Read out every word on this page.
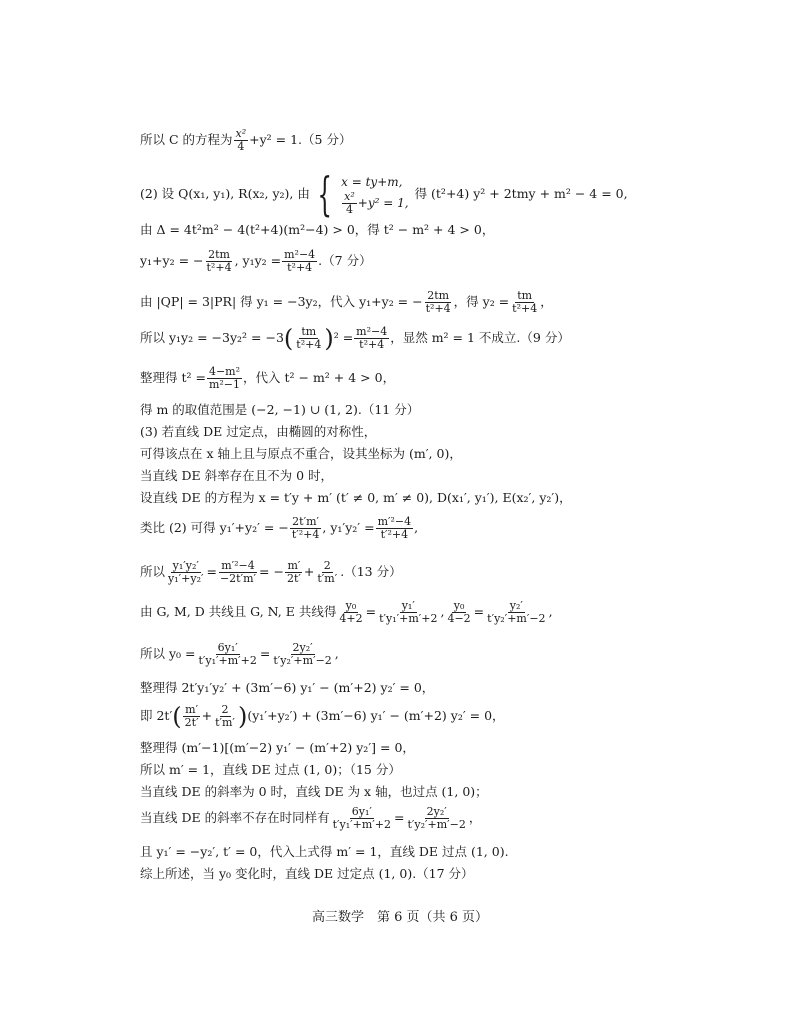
所以 C 的方程为 $\frac{\text{x²}}{4} +y^2 = 1.(5$ 分）
(2) 设 Q(x₁, y₁), R(x₂, y₂), 由 { x = ty+m,
$\frac{\text{x²}}{4} +y^2 = 1$,
得 (t²+4) y² + 2tmy + m² − 4 = 0,
由 Δ = 4t²m² − 4(t²+4)(m²−4) > 0，得 t² − m² + 4 > 0，
y₁+y₂ = − $\frac{2tm}{\text{t²+4}}$ , $y_1y_2 = \frac{\text{m²−4}}{\text{t²+4}} .(7$ 分）
由 |QP| = 3|PR| 得 y₁ = −3y₂，代入 y₁+y₂ = − $\frac{2tm}{\text{t²+4}}$ ，得 $y_2 = \frac{tm}{\text{t²+4}}$ ，
所以 $y_1y_2 = -3y_2^2 = -3( \frac{tm}{\text{t²+4}} )^2 = \frac{\text{m²−4}}{\text{t²+4}}$ ，显然 m² = 1 不成立.（9 分）
整理得 $t^2 = \frac{\text{4−m²}}{\text{m²−1}}$ ，代入 t² − m² + 4 > 0，
得 m 的取值范围是 (−2, −1) ∪ (1, 2).（11 分）
(3) 若直线 DE 过定点，由椭圆的对称性，
可得该点在 x 轴上且与原点不重合，设其坐标为 (m′, 0)，
当直线 DE 斜率存在且不为 0 时，
设直线 DE 的方程为 x = t′y + m′ (t′ ≠ 0, m′ ≠ 0), D(x₁′, y₁′), E(x₂′, y₂′)，
类比 (2) 可得 y₁′+y₂′ = − $\frac{2t'm'}{\text{t′²+4}}$ , $y_1'y_2' = \frac{\text{m′²−4}}{\text{t′²+4}}$ ,
所以 $\frac{\text{y₁′y₂′}}{\text{y₁′+y₂′}} = \frac{\text{m′²−4}}{-2t'm'}$ = − $\frac{m'}{2t'} + \frac{2}{t'm'} .(13$ 分）
由 G, M, D 共线且 G, N, E 共线得 $\frac{\text{y₀}}{4+2} = \frac{\text{y₁′}}{\text{t′y₁′+m′+2}}$ , $\frac{\text{y₀}}{4-2} = \frac{\text{y₂′}}{\text{t′y₂′+m′−2}}$ ,
所以 $y_0 = \frac{\text{6y₁′}}{\text{t′y₁′+m′+2}} = \frac{\text{2y₂′}}{\text{t′y₂′+m′−2}}$ ,
整理得 2t′y₁′y₂′ + (3m′−6) y₁′ − (m′+2) y₂′ = 0，
即 $2t'( \frac{m'}{2t'} + \frac{2}{t'm'} )(y_1'+y_2') + (3m'-6)$ y₁′ − (m′+2) y₂′ = 0，
整理得 (m′−1)[(m′−2) y₁′ − (m′+2) y₂′] = 0，
所以 m′ = 1，直线 DE 过点 (1, 0)；（15 分）
当直线 DE 的斜率为 0 时，直线 DE 为 x 轴，也过点 (1, 0)；
当直线 DE 的斜率不存在时同样有 $\frac{\text{6y₁′}}{\text{t′y₁′+m′+2}} = \frac{\text{2y₂′}}{\text{t′y₂′+m′−2}}$ ，
且 y₁′ = −y₂′, t′ = 0，代入上式得 m′ = 1，直线 DE 过点 (1, 0).
综上所述，当 y₀ 变化时，直线 DE 过定点 (1, 0).（17 分）
高三数学　第 6 页（共 6 页）
